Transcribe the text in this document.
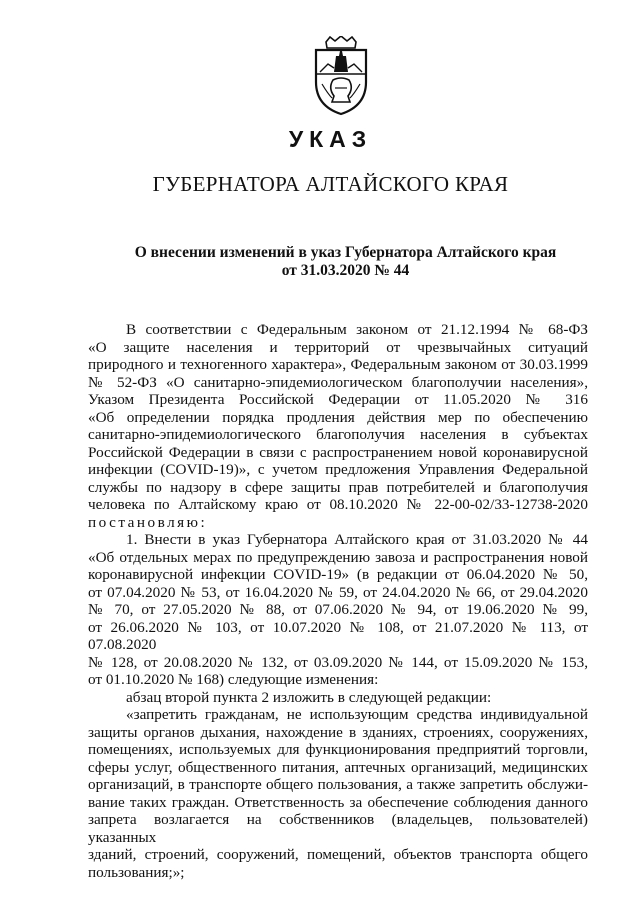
УКАЗ
ГУБЕРНАТОРА АЛТАЙСКОГО КРАЯ
О внесении изменений в указ Губернатора Алтайского края
от 31.03.2020 № 44

В соответствии с Федеральным законом от 21.12.1994 № 68-ФЗ

«О защите населения и территорий от чрезвычайных ситуаций

природного и техногенного характера», Федеральным законом от 30.03.1999

№ 52-ФЗ «О санитарно-эпидемиологическом благополучии населения»,

Указом Президента Российской Федерации от 11.05.2020 № 316

«Об определении порядка продления действия мер по обеспечению

санитарно-эпидемиологического благополучия населения в субъектах

Российской Федерации в связи с распространением новой коронавирусной

инфекции (COVID-19)», с учетом предложения Управления Федеральной

службы по надзору в сфере защиты прав потребителей и благополучия

человека по Алтайскому краю от 08.10.2020 № 22-00-02/33-12738-2020

постановляю:

1. Внести в указ Губернатора Алтайского края от 31.03.2020 № 44

«Об отдельных мерах по предупреждению завоза и распространения новой

коронавирусной инфекции COVID-19» (в редакции от 06.04.2020 № 50,

от 07.04.2020 № 53, от 16.04.2020 № 59, от 24.04.2020 № 66, от 29.04.2020

№ 70, от 27.05.2020 № 88, от 07.06.2020 № 94, от 19.06.2020 № 99,

от 26.06.2020 № 103, от 10.07.2020 № 108, от 21.07.2020 № 113, от 07.08.2020

№ 128, от 20.08.2020 № 132, от 03.09.2020 № 144, от 15.09.2020 № 153,

от 01.10.2020 № 168) следующие изменения:

абзац второй пункта 2 изложить в следующей редакции:

«запретить гражданам, не использующим средства индивидуальной

защиты органов дыхания, нахождение в зданиях, строениях, сооружениях,

помещениях, используемых для функционирования предприятий торговли,

сферы услуг, общественного питания, аптечных организаций, медицинских

организаций, в транспорте общего пользования, а также запретить обслужи-

вание таких граждан. Ответственность за обеспечение соблюдения данного

запрета возлагается на собственников (владельцев, пользователей) указанных

зданий, строений, сооружений, помещений, объектов транспорта общего

пользования;»;
